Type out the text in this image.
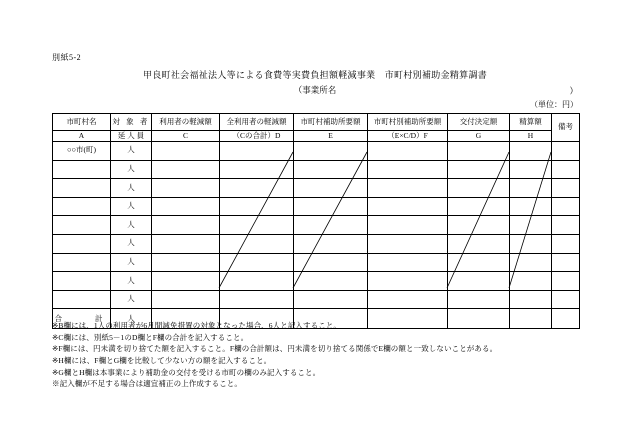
別紙5-2
甲良町社会福祉法人等による食費等実費負担額軽減事業　市町村別補助金精算調書
（事業所名	）
（単位：円）
市町村名	対 象 者	利用者の軽減額	全利用者の軽減額	市町村補助所要額	市町村別補助所要額	交付決定額	精算額	備考
A	延 人 員	C	（Cの合計）D	E	（E×C/D）F	G	H	
○○市(町)	人							
	人							
	人							
	人							
	人							
	人							
	人							
	人							
	人							
合　　計	人							
※B欄には、1人の利用者が6月間減免措置の対象となった場合、6人と記入すること。
※C欄には、別紙5－1のD欄とF欄の合計を記入すること。
※F欄には、円未満を切り捨てた額を記入すること。F欄の合計額は、円未満を切り捨てる関係でE欄の額と一致しないことがある。
※H欄には、F欄とG欄を比較して少ない方の額を記入すること。
※G欄とH欄は本事業により補助金の交付を受ける市町の欄のみ記入すること。
※記入欄が不足する場合は適宜補正の上作成すること。
